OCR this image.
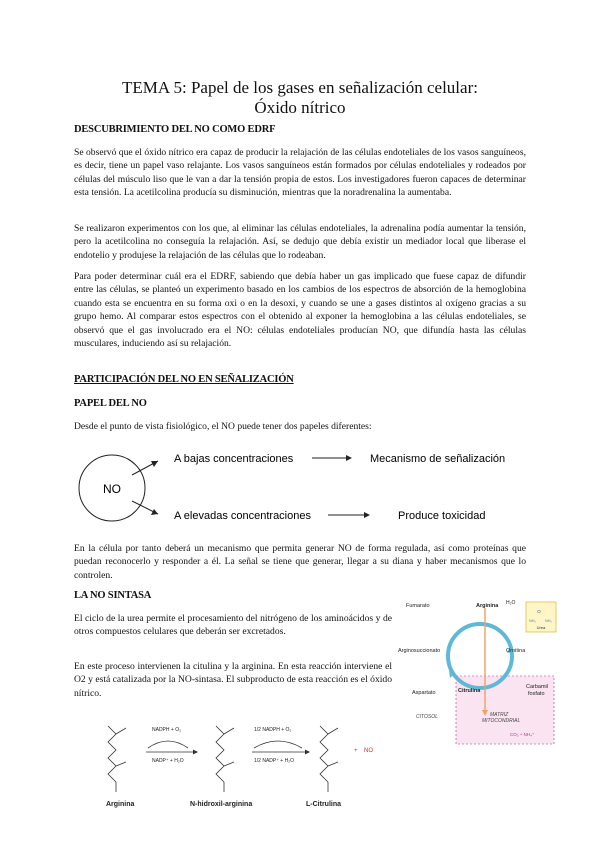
TEMA 5: Papel de los gases en señalización celular:
Óxido nítrico
DESCUBRIMIENTO DEL NO COMO EDRF
Se observó que el óxido nítrico era capaz de producir la relajación de las células endoteliales de los vasos sanguíneos, es decir, tiene un papel vaso relajante. Los vasos sanguíneos están formados por células endoteliales y rodeados por células del músculo liso que le van a dar la tensión propia de estos. Los investigadores fueron capaces de determinar esta tensión. La acetilcolina producía su disminución, mientras que la noradrenalina la aumentaba.
Se realizaron experimentos con los que, al eliminar las células endoteliales, la adrenalina podía aumentar la tensión, pero la acetilcolina no conseguía la relajación. Así, se dedujo que debía existir un mediador local que liberase el endotelio y produjese la relajación de las células que lo rodeaban.
Para poder determinar cuál era el EDRF, sabiendo que debía haber un gas implicado que fuese capaz de difundir entre las células, se planteó un experimento basado en los cambios de los espectros de absorción de la hemoglobina cuando esta se encuentra en su forma oxi o en la desoxi, y cuando se une a gases distintos al oxígeno gracias a su grupo hemo. Al comparar estos espectros con el obtenido al exponer la hemoglobina a las células endoteliales, se observó que el gas involucrado era el NO: células endoteliales producían NO, que difundía hasta las células musculares, induciendo así su relajación.
PARTICIPACIÓN DEL NO EN SEÑALIZACIÓN
PAPEL DEL NO
Desde el punto de vista fisiológico, el NO puede tener dos papeles diferentes:
NO
A bajas concentraciones	Mecanismo de señalización
A elevadas concentraciones	Produce toxicidad
En la célula por tanto deberá un mecanismo que permita generar NO de forma regulada, así como proteínas que puedan reconocerlo y responder a él. La señal se tiene que generar, llegar a su diana y haber mecanismos que lo controlen.
LA NO SINTASA
El ciclo de la urea permite el procesamiento del nitrógeno de los aminoácidos y de otros compuestos celulares que deberán ser excretados.
En este proceso intervienen la citulina y la arginina. En esta reacción interviene el O2 y está catalizada por la NO-sintasa. El subproducto de esta reacción es el óxido nítrico.
O
NH₂ NH₂
Urea
Fumarato	Arginina H₂O
Arginosuccionato	Ornitina
Aspartato	Citrulina
Carbamil
fosfato
CITOSOL	MATRIZ
MITOCONDRIAL
CO₂ + NH₄⁺
NADPH + O₂
NADP⁺ + H₂O
1/2 NADPH + O₂
1/2 NADP⁺ + H₂O
+ NO
Arginina	N-hidroxil-arginina	L-Citrulina
